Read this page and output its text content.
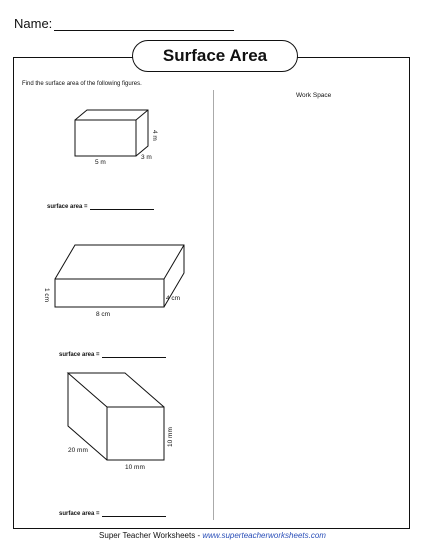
Name:
Surface Area
Find the surface area of the following figures.
Work Space
5 m
3 m
4 m
8 cm
4 cm
1 cm
10 mm
20 mm
10 mm
surface area =
surface area =
surface area =
Super Teacher Worksheets - www.superteacherworksheets.com
